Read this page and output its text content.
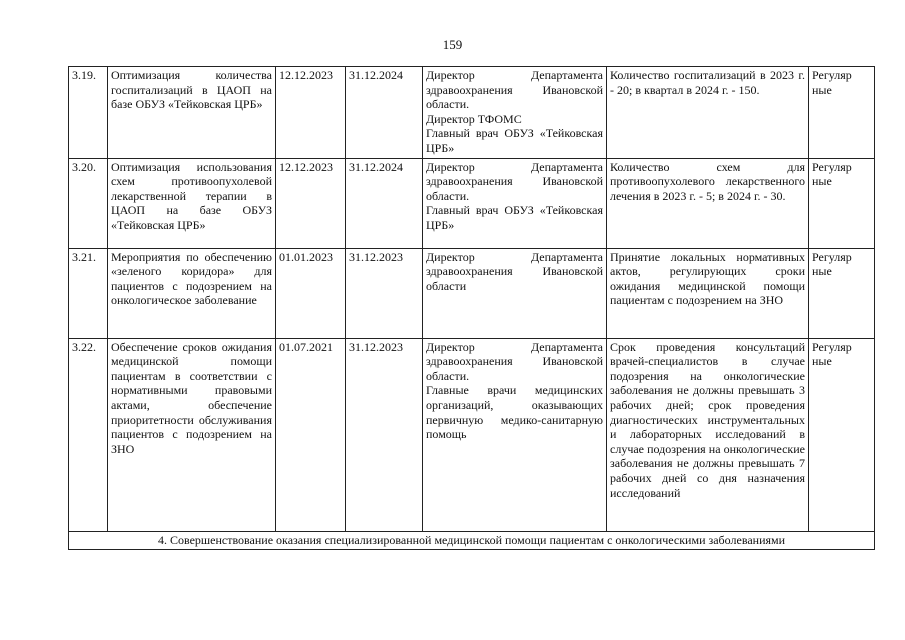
159
3.19.	Оптимизация количества госпитализаций в ЦАОП на базе ОБУЗ «Тейковская ЦРБ»	12.12.2023	31.12.2024	Директор Департамента здравоохранения Ивановской области.
Директор ТФОМС
Главный врач ОБУЗ «Тейковская ЦРБ»	Количество госпитализаций в 2023 г. - 20; в квартал в 2024 г. - 150.	Регуляр ные
3.20.	Оптимизация использования схем противоопухолевой лекарственной терапии в ЦАОП на базе ОБУЗ «Тейковская ЦРБ»	12.12.2023	31.12.2024	Директор Департамента здравоохранения Ивановской области.
Главный врач ОБУЗ «Тейковская ЦРБ»	Количество схем для противоопухолевого лекарственного лечения в 2023 г. - 5; в 2024 г. - 30.	Регуляр ные
3.21.	Мероприятия по обеспечению «зеленого коридора» для пациентов с подозрением на онкологическое заболевание	01.01.2023	31.12.2023	Директор Департамента здравоохранения Ивановской области	Принятие локальных нормативных актов, регулирующих сроки ожидания медицинской помощи пациентам с подозрением на ЗНО	Регуляр ные
3.22.	Обеспечение сроков ожидания медицинской помощи пациентам в соответствии с нормативными правовыми актами, обеспечение приоритетности обслуживания пациентов с подозрением на ЗНО	01.07.2021	31.12.2023	Директор Департамента здравоохранения Ивановской области.
Главные врачи медицинских организаций, оказывающих первичную медико-санитарную помощь	Срок проведения консультаций врачей-специалистов в случае подозрения на онкологические заболевания не должны превышать 3 рабочих дней; срок проведения диагностических инструментальных и лабораторных исследований в случае подозрения на онкологические заболевания не должны превышать 7 рабочих дней со дня назначения исследований	Регуляр ные
4. Совершенствование оказания специализированной медицинской помощи пациентам с онкологическими заболеваниями						
